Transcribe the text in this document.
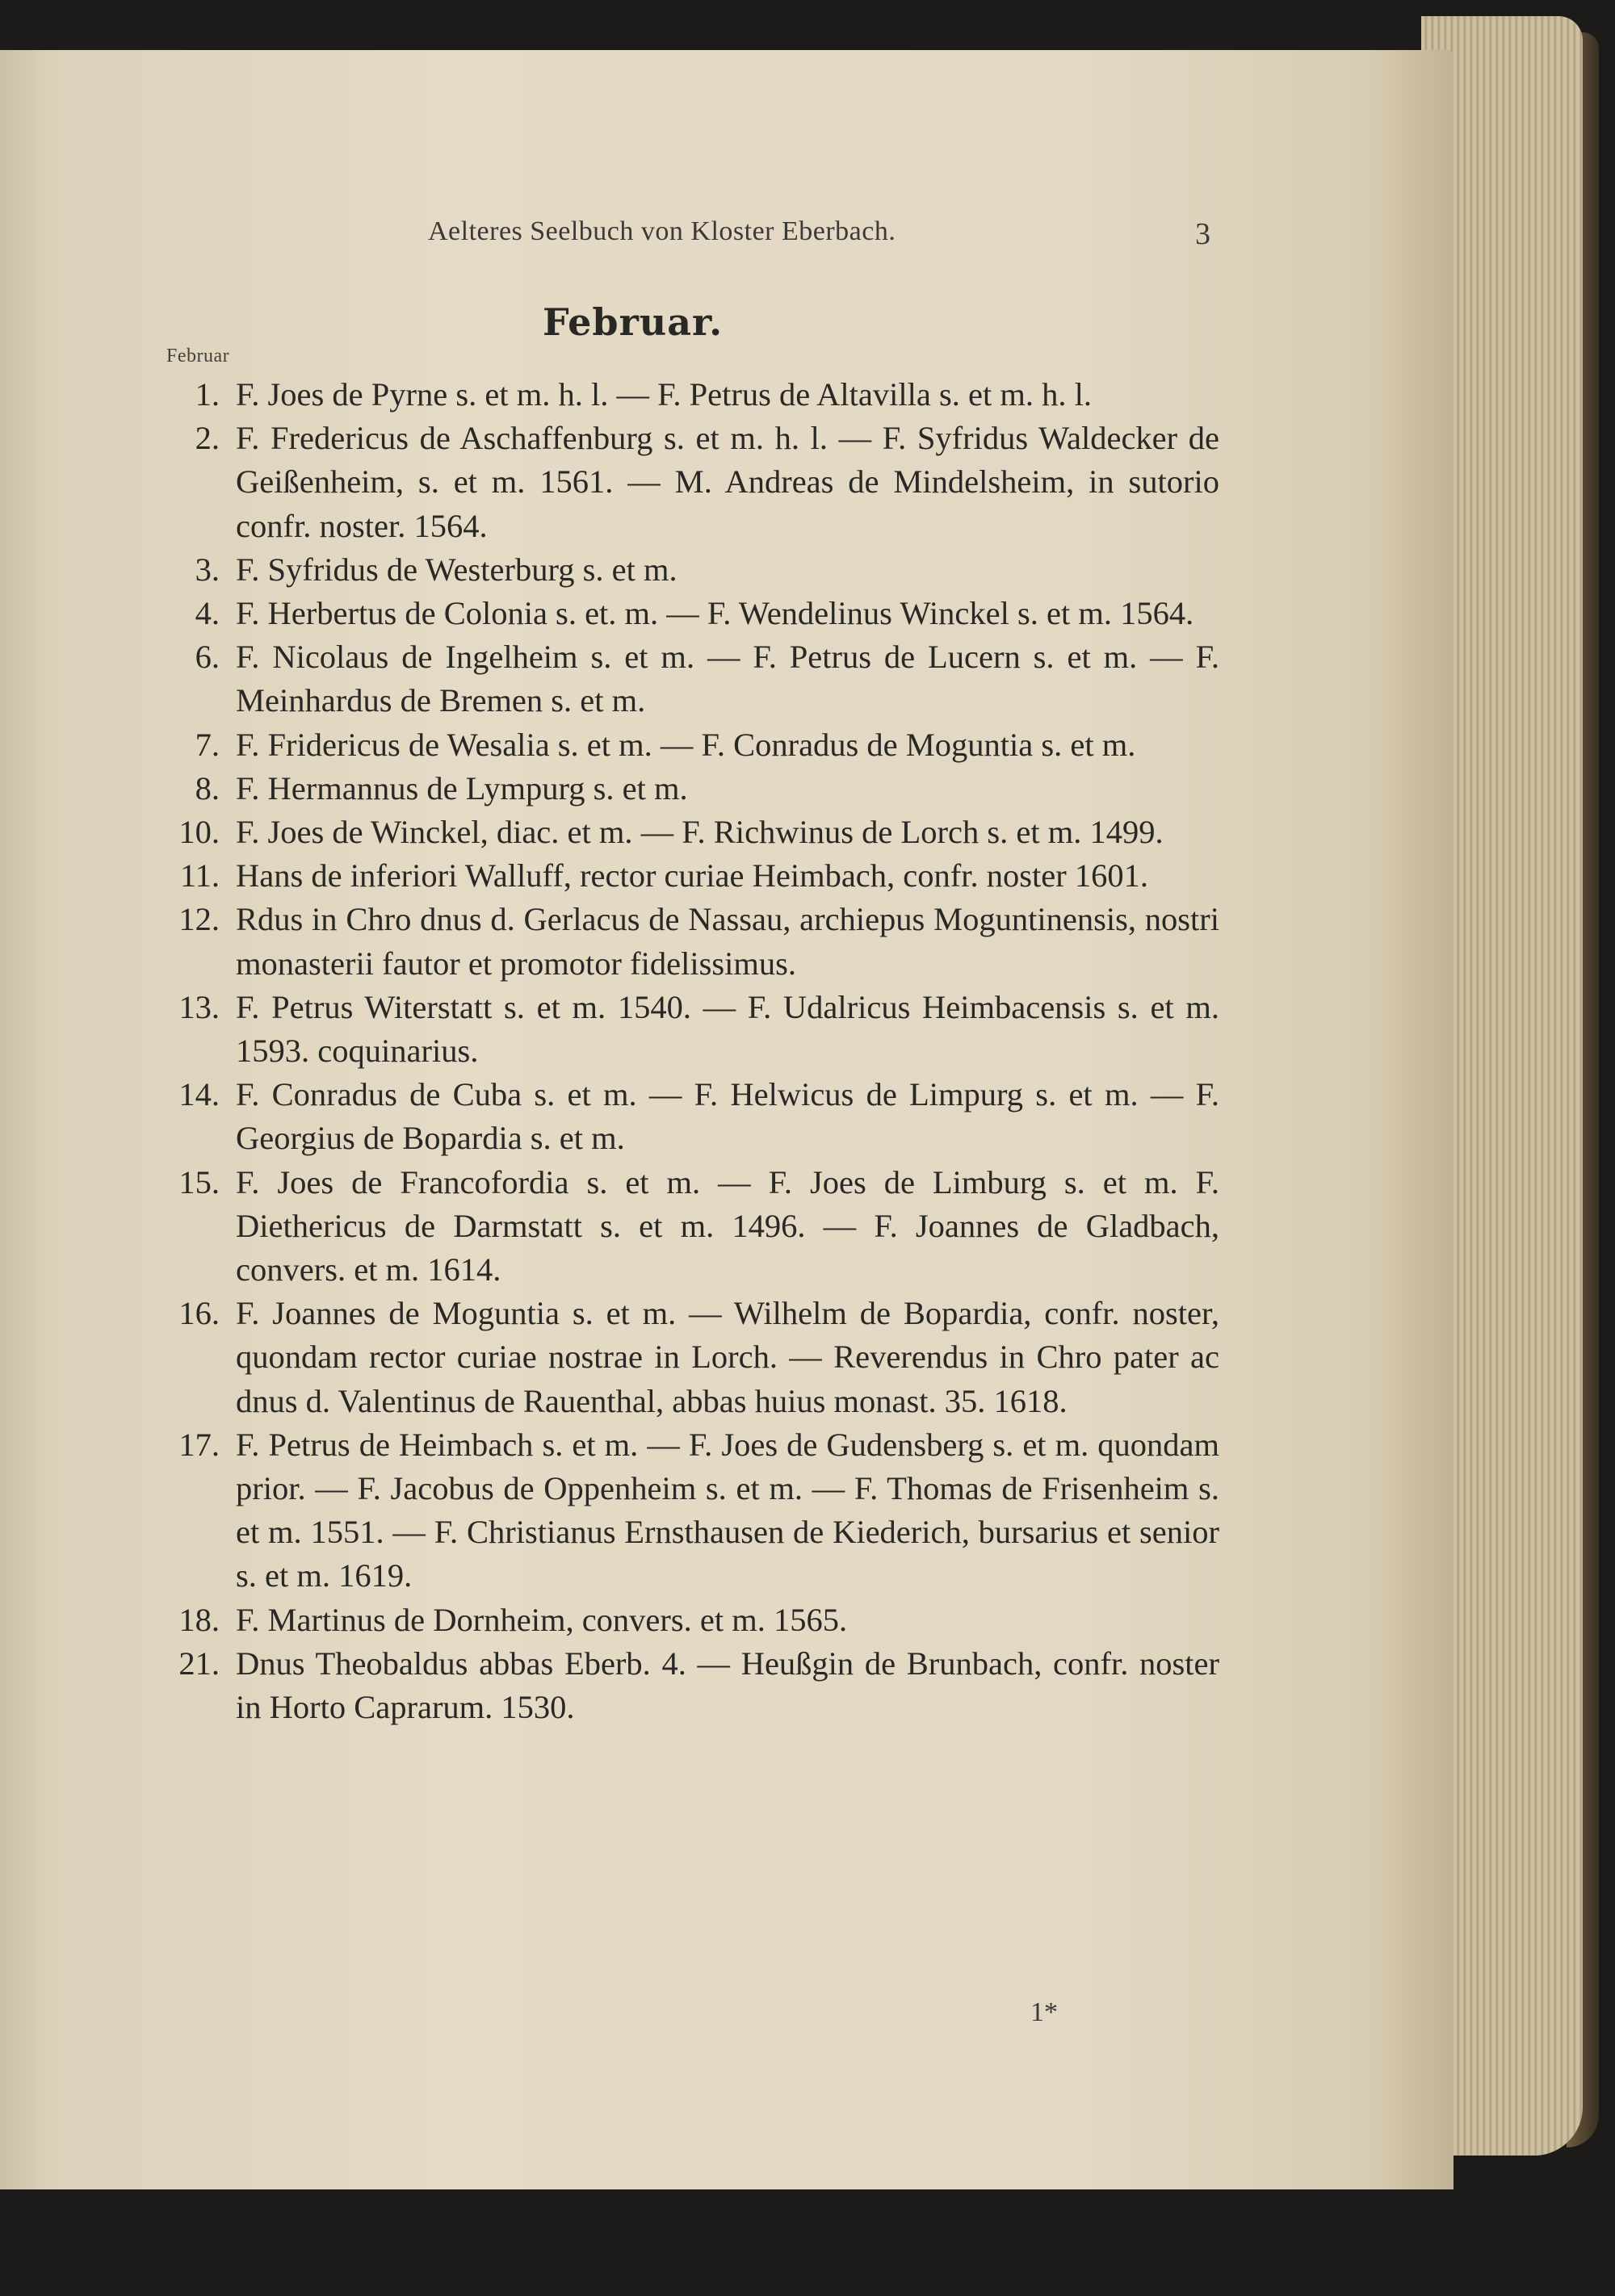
Aelteres Seelbuch von Kloster Eberbach.	3
Februar.
Februar
1. F. Joes de Pyrne s. et m. h. l. — F. Petrus de Altavilla s. et m. h. l.
2. F. Fredericus de Aschaffenburg s. et m. h. l. — F. Syfridus Waldecker de Geißenheim, s. et m. 1561. — M. Andreas de Mindelsheim, in sutorio confr. noster. 1564.
3. F. Syfridus de Westerburg s. et m.
4. F. Herbertus de Colonia s. et. m. — F. Wendelinus Winckel s. et m. 1564.
6. F. Nicolaus de Ingelheim s. et m. — F. Petrus de Lucern s. et m. — F. Meinhardus de Bremen s. et m.
7. F. Fridericus de Wesalia s. et m. — F. Conradus de Moguntia s. et m.
8. F. Hermannus de Lympurg s. et m.
10. F. Joes de Winckel, diac. et m. — F. Richwinus de Lorch s. et m. 1499.
11. Hans de inferiori Walluff, rector curiae Heimbach, confr. noster 1601.
12. Rdus in Chro dnus d. Gerlacus de Nassau, archiepus Moguntinensis, nostri monasterii fautor et promotor fidelissimus.
13. F. Petrus Witerstatt s. et m. 1540. — F. Udalricus Heimbacensis s. et m. 1593. coquinarius.
14. F. Conradus de Cuba s. et m. — F. Helwicus de Limpurg s. et m. — F. Georgius de Bopardia s. et m.
15. F. Joes de Francofordia s. et m. — F. Joes de Limburg s. et m. F. Diethericus de Darmstatt s. et m. 1496. — F. Joannes de Gladbach, convers. et m. 1614.
16. F. Joannes de Moguntia s. et m. — Wilhelm de Bopardia, confr. noster, quondam rector curiae nostrae in Lorch. — Reverendus in Chro pater ac dnus d. Valentinus de Rauenthal, abbas huius monast. 35. 1618.
17. F. Petrus de Heimbach s. et m. — F. Joes de Gudensberg s. et m. quondam prior. — F. Jacobus de Oppenheim s. et m. — F. Thomas de Frisenheim s. et m. 1551. — F. Christianus Ernsthausen de Kiederich, bursarius et senior s. et m. 1619.
18. F. Martinus de Dornheim, convers. et m. 1565.
21. Dnus Theobaldus abbas Eberb. 4. — Heußgin de Brunbach, confr. noster in Horto Caprarum. 1530.
1*
